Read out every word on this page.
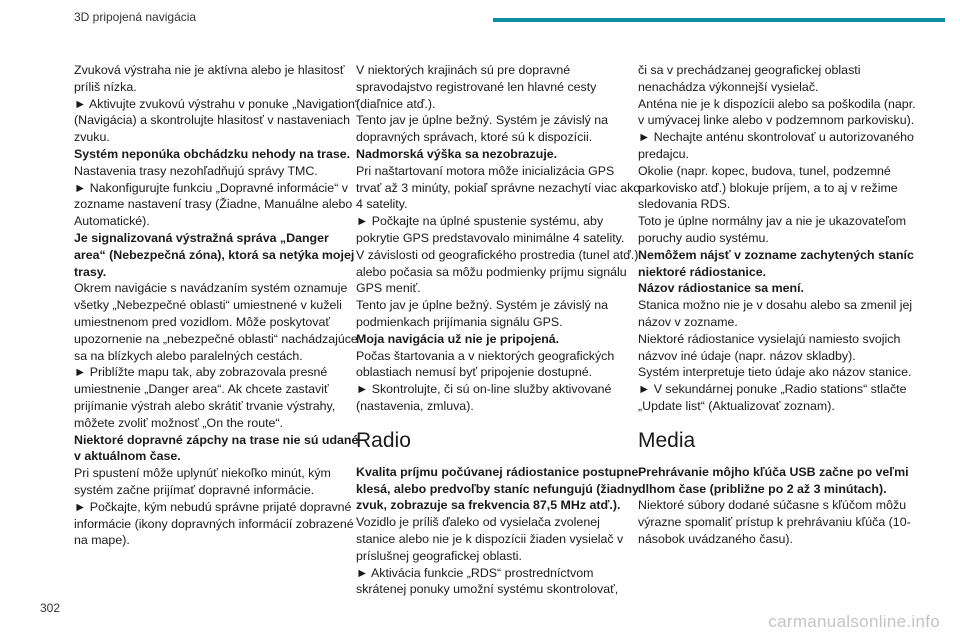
3D pripojená navigácia

Zvuková výstraha nie je aktívna alebo je hlasitosť príliš nízka.

► Aktivujte zvukovú výstrahu v ponuke „Navigation“ (Navigácia) a skontrolujte hlasitosť v nastaveniach zvuku.

Systém neponúka obchádzku nehody na trase.

Nastavenia trasy nezohľadňujú správy TMC.

► Nakonfigurujte funkciu „Dopravné informácie“ v zozname nastavení trasy (Žiadne, Manuálne alebo Automatické).

Je signalizovaná výstražná správa „Danger area“ (Nebezpečná zóna), ktorá sa netýka mojej trasy.

Okrem navigácie s navádzaním systém oznamuje všetky „Nebezpečné oblasti“ umiestnené v kuželi umiestnenom pred vozidlom. Môže poskytovať upozornenie na „nebezpečné oblasti“ nachádzajúce sa na blízkych alebo paralelných cestách.

► Priblížte mapu tak, aby zobrazovala presné umiestnenie „Danger area“. Ak chcete zastaviť prijímanie výstrah alebo skrátiť trvanie výstrahy, môžete zvoliť možnosť „On the route“.

Niektoré dopravné zápchy na trase nie sú udané v aktuálnom čase.

Pri spustení môže uplynúť niekoľko minút, kým systém začne prijímať dopravné informácie.

► Počkajte, kým nebudú správne prijaté dopravné informácie (ikony dopravných informácií zobrazené na mape).

V niektorých krajinách sú pre dopravné spravodajstvo registrované len hlavné cesty (diaľnice atď.).

Tento jav je úplne bežný. Systém je závislý na dopravných správach, ktoré sú k dispozícii.

Nadmorská výška sa nezobrazuje.

Pri naštartovaní motora môže inicializácia GPS trvať až 3 minúty, pokiaľ správne nezachytí viac ako 4 satelity.

► Počkajte na úplné spustenie systému, aby pokrytie GPS predstavovalo minimálne 4 satelity.

V závislosti od geografického prostredia (tunel atď.) alebo počasia sa môžu podmienky príjmu signálu GPS meniť.

Tento jav je úplne bežný. Systém je závislý na podmienkach prijímania signálu GPS.

Moja navigácia už nie je pripojená.

Počas štartovania a v niektorých geografických oblastiach nemusí byť pripojenie dostupné.

► Skontrolujte, či sú on-line služby aktivované (nastavenia, zmluva).

Radio

Kvalita príjmu počúvanej rádiostanice postupne klesá, alebo predvoľby staníc nefungujú (žiadny zvuk, zobrazuje sa frekvencia 87,5 MHz atď.).

Vozidlo je príliš ďaleko od vysielača zvolenej stanice alebo nie je k dispozícii žiaden vysielač v príslušnej geografickej oblasti.

► Aktivácia funkcie „RDS“ prostredníctvom skrátenej ponuky umožní systému skontrolovať,

či sa v prechádzanej geografickej oblasti nenachádza výkonnejší vysielač.

Anténa nie je k dispozícii alebo sa poškodila (napr. v umývacej linke alebo v podzemnom parkovisku).

► Nechajte anténu skontrolovať u autorizovaného predajcu.

Okolie (napr. kopec, budova, tunel, podzemné parkovisko atď.) blokuje príjem, a to aj v režime sledovania RDS.

Toto je úplne normálny jav a nie je ukazovateľom poruchy audio systému.

Nemôžem nájsť v zozname zachytených staníc niektoré rádiostanice.

Názov rádiostanice sa mení.

Stanica možno nie je v dosahu alebo sa zmenil jej názov v zozname.

Niektoré rádiostanice vysielajú namiesto svojich názvov iné údaje (napr. názov skladby).

Systém interpretuje tieto údaje ako názov stanice.

► V sekundárnej ponuke „Radio stations“ stlačte „Update list“ (Aktualizovať zoznam).

Media

Prehrávanie môjho kľúča USB začne po veľmi dlhom čase (približne po 2 až 3 minútach).

Niektoré súbory dodané súčasne s kľúčom môžu výrazne spomaliť prístup k prehrávaniu kľúča (10-násobok uvádzaného času).

302
carmanualsonline.info
